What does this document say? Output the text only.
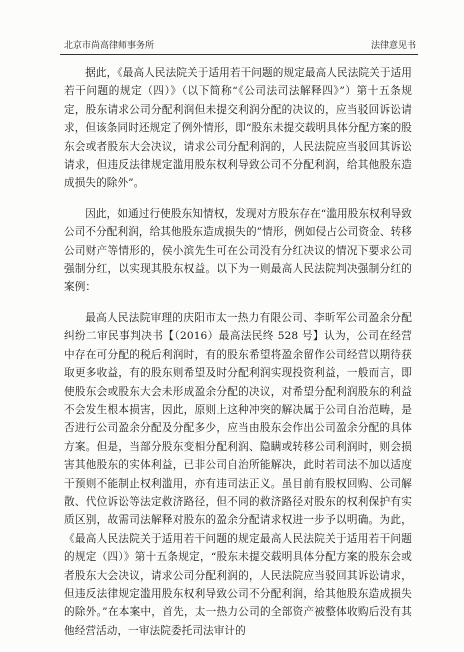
北京市尚高律师事务所	法律意见书

据此，《最高人民法院关于适用若干问题的规定最高人民法院关于适用若干问题的规定（四）》（以下简称“《公司法司法解释四》”）第十五条规定，股东请求公司分配利润但未提交利润分配的决议的，应当驳回诉讼请求，但该条同时还规定了例外情形，即“股东未提交载明具体分配方案的股东会或者股东大会决议，请求公司分配利润的，人民法院应当驳回其诉讼请求，但违反法律规定滥用股东权利导致公司不分配利润，给其他股东造成损失的除外”。

因此，如通过行使股东知情权，发现对方股东存在“滥用股东权利导致公司不分配利润，给其他股东造成损失的”情形，例如侵占公司资金、转移公司财产等情形的，侯小滨先生可在公司没有分红决议的情况下要求公司强制分红，以实现其股东权益。以下为一则最高人民法院判决强制分红的案例：

最高人民法院审理的庆阳市太一热力有限公司、李昕军公司盈余分配纠纷二审民事判决书【（2016）最高法民终 528 号】认为，公司在经营中存在可分配的税后利润时，有的股东希望将盈余留作公司经营以期待获取更多收益，有的股东则希望及时分配利润实现投资利益，一般而言，即使股东会或股东大会未形成盈余分配的决议，对希望分配利润股东的利益不会发生根本损害，因此，原则上这种冲突的解决属于公司自治范畴，是否进行公司盈余分配及分配多少，应当由股东会作出公司盈余分配的具体方案。但是，当部分股东变相分配利润、隐瞒或转移公司利润时，则会损害其他股东的实体利益，已非公司自治所能解决，此时若司法不加以适度干预则不能制止权利滥用，亦有违司法正义。虽目前有股权回购、公司解散、代位诉讼等法定救济路径，但不同的救济路径对股东的权利保护有实质区别，故需司法解释对股东的盈余分配请求权进一步予以明确。为此，《最高人民法院关于适用若干问题的规定最高人民法院关于适用若干问题的规定（四）》第十五条规定，“股东未提交载明具体分配方案的股东会或者股东大会决议，请求公司分配利润的，人民法院应当驳回其诉讼请求，但违反法律规定滥用股东权利导致公司不分配利润，给其他股东造成损失的除外。”在本案中，首先，太一热力公司的全部资产被整体收购后没有其他经营活动，一审法院委托司法审计的
